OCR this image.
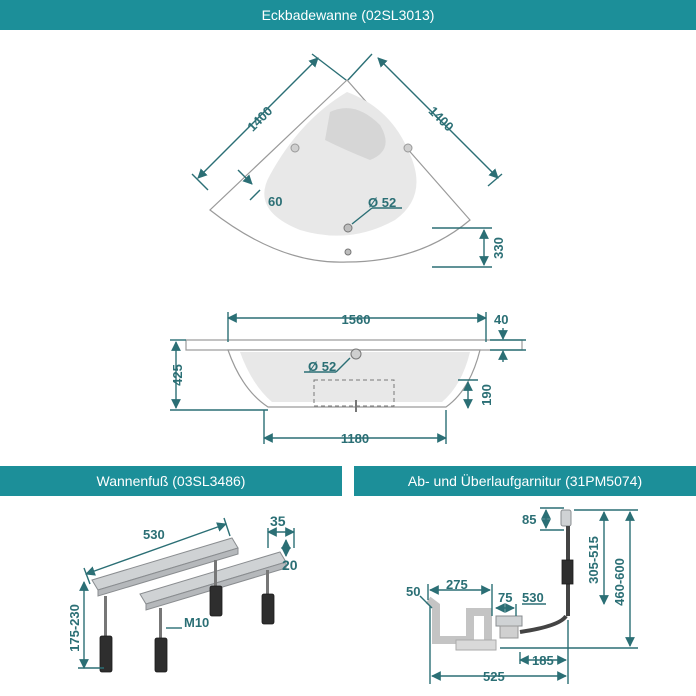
Eckbadewanne (02SL3013)
Wannenfuß (03SL3486)	Ab- und Überlaufgarnitur (31PM5074)
1400	1400
60	Ø 52
330
1560	40
425	Ø 52
190
1180
530
35
20
175-230	M10
85
305-515 460-600
50 275
75 530
185
525
